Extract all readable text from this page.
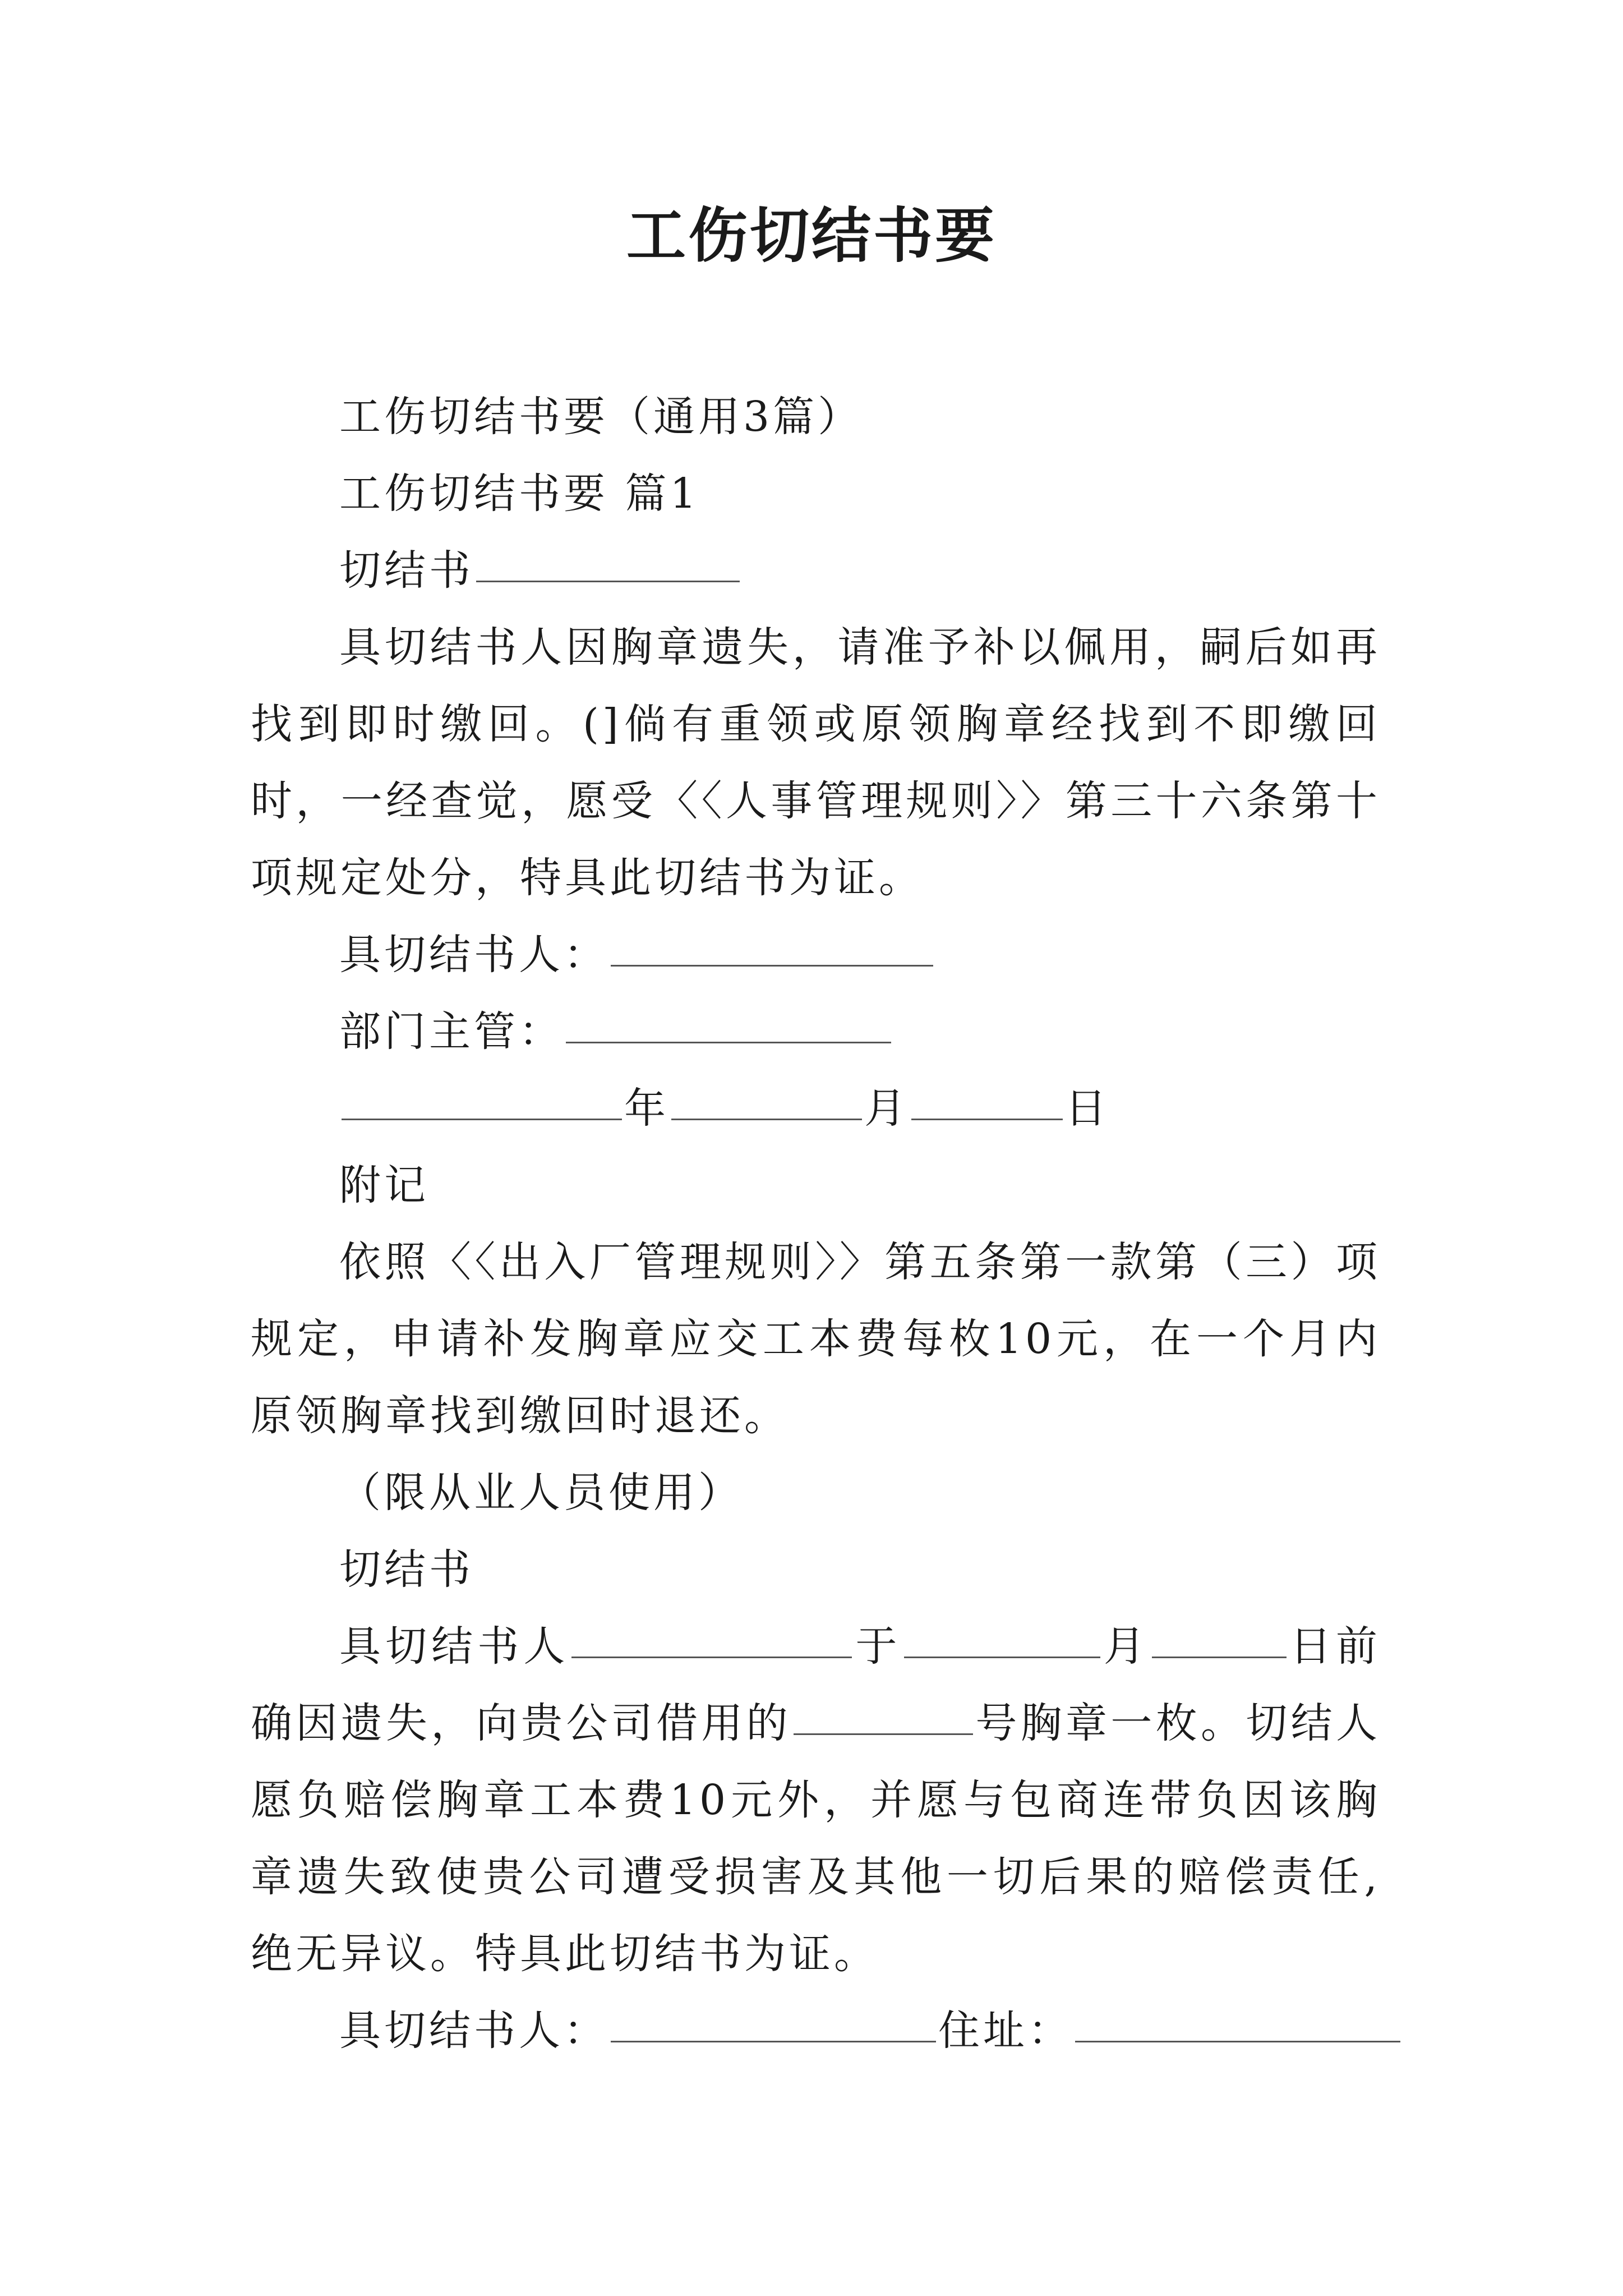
工伤切结书要

工伤切结书要（通用3篇）

工伤切结书要 篇1

切结书

具切结书人因胸章遗失，请准予补以佩用，嗣后如再找到即时缴回。(]倘有重领或原领胸章经找到不即缴回时，一经查觉，愿受〈〈人事管理规则〉〉第三十六条第十项规定处分，特具此切结书为证。

具切结书人：

部门主管：

年	月	日

附记

依照〈〈出入厂管理规则〉〉第五条第一款第（三）项规定，申请补发胸章应交工本费每枚10元，在一个月内原领胸章找到缴回时退还。

（限从业人员使用）

切结书

具切结书人	于	月	日前确因遗失，向贵公司借用的	号胸章一枚。切结人愿负赔偿胸章工本费10元外，并愿与包商连带负因该胸章遗失致使贵公司遭受损害及其他一切后果的赔偿责任,绝无异议。特具此切结书为证。

具切结书人：	住址：
